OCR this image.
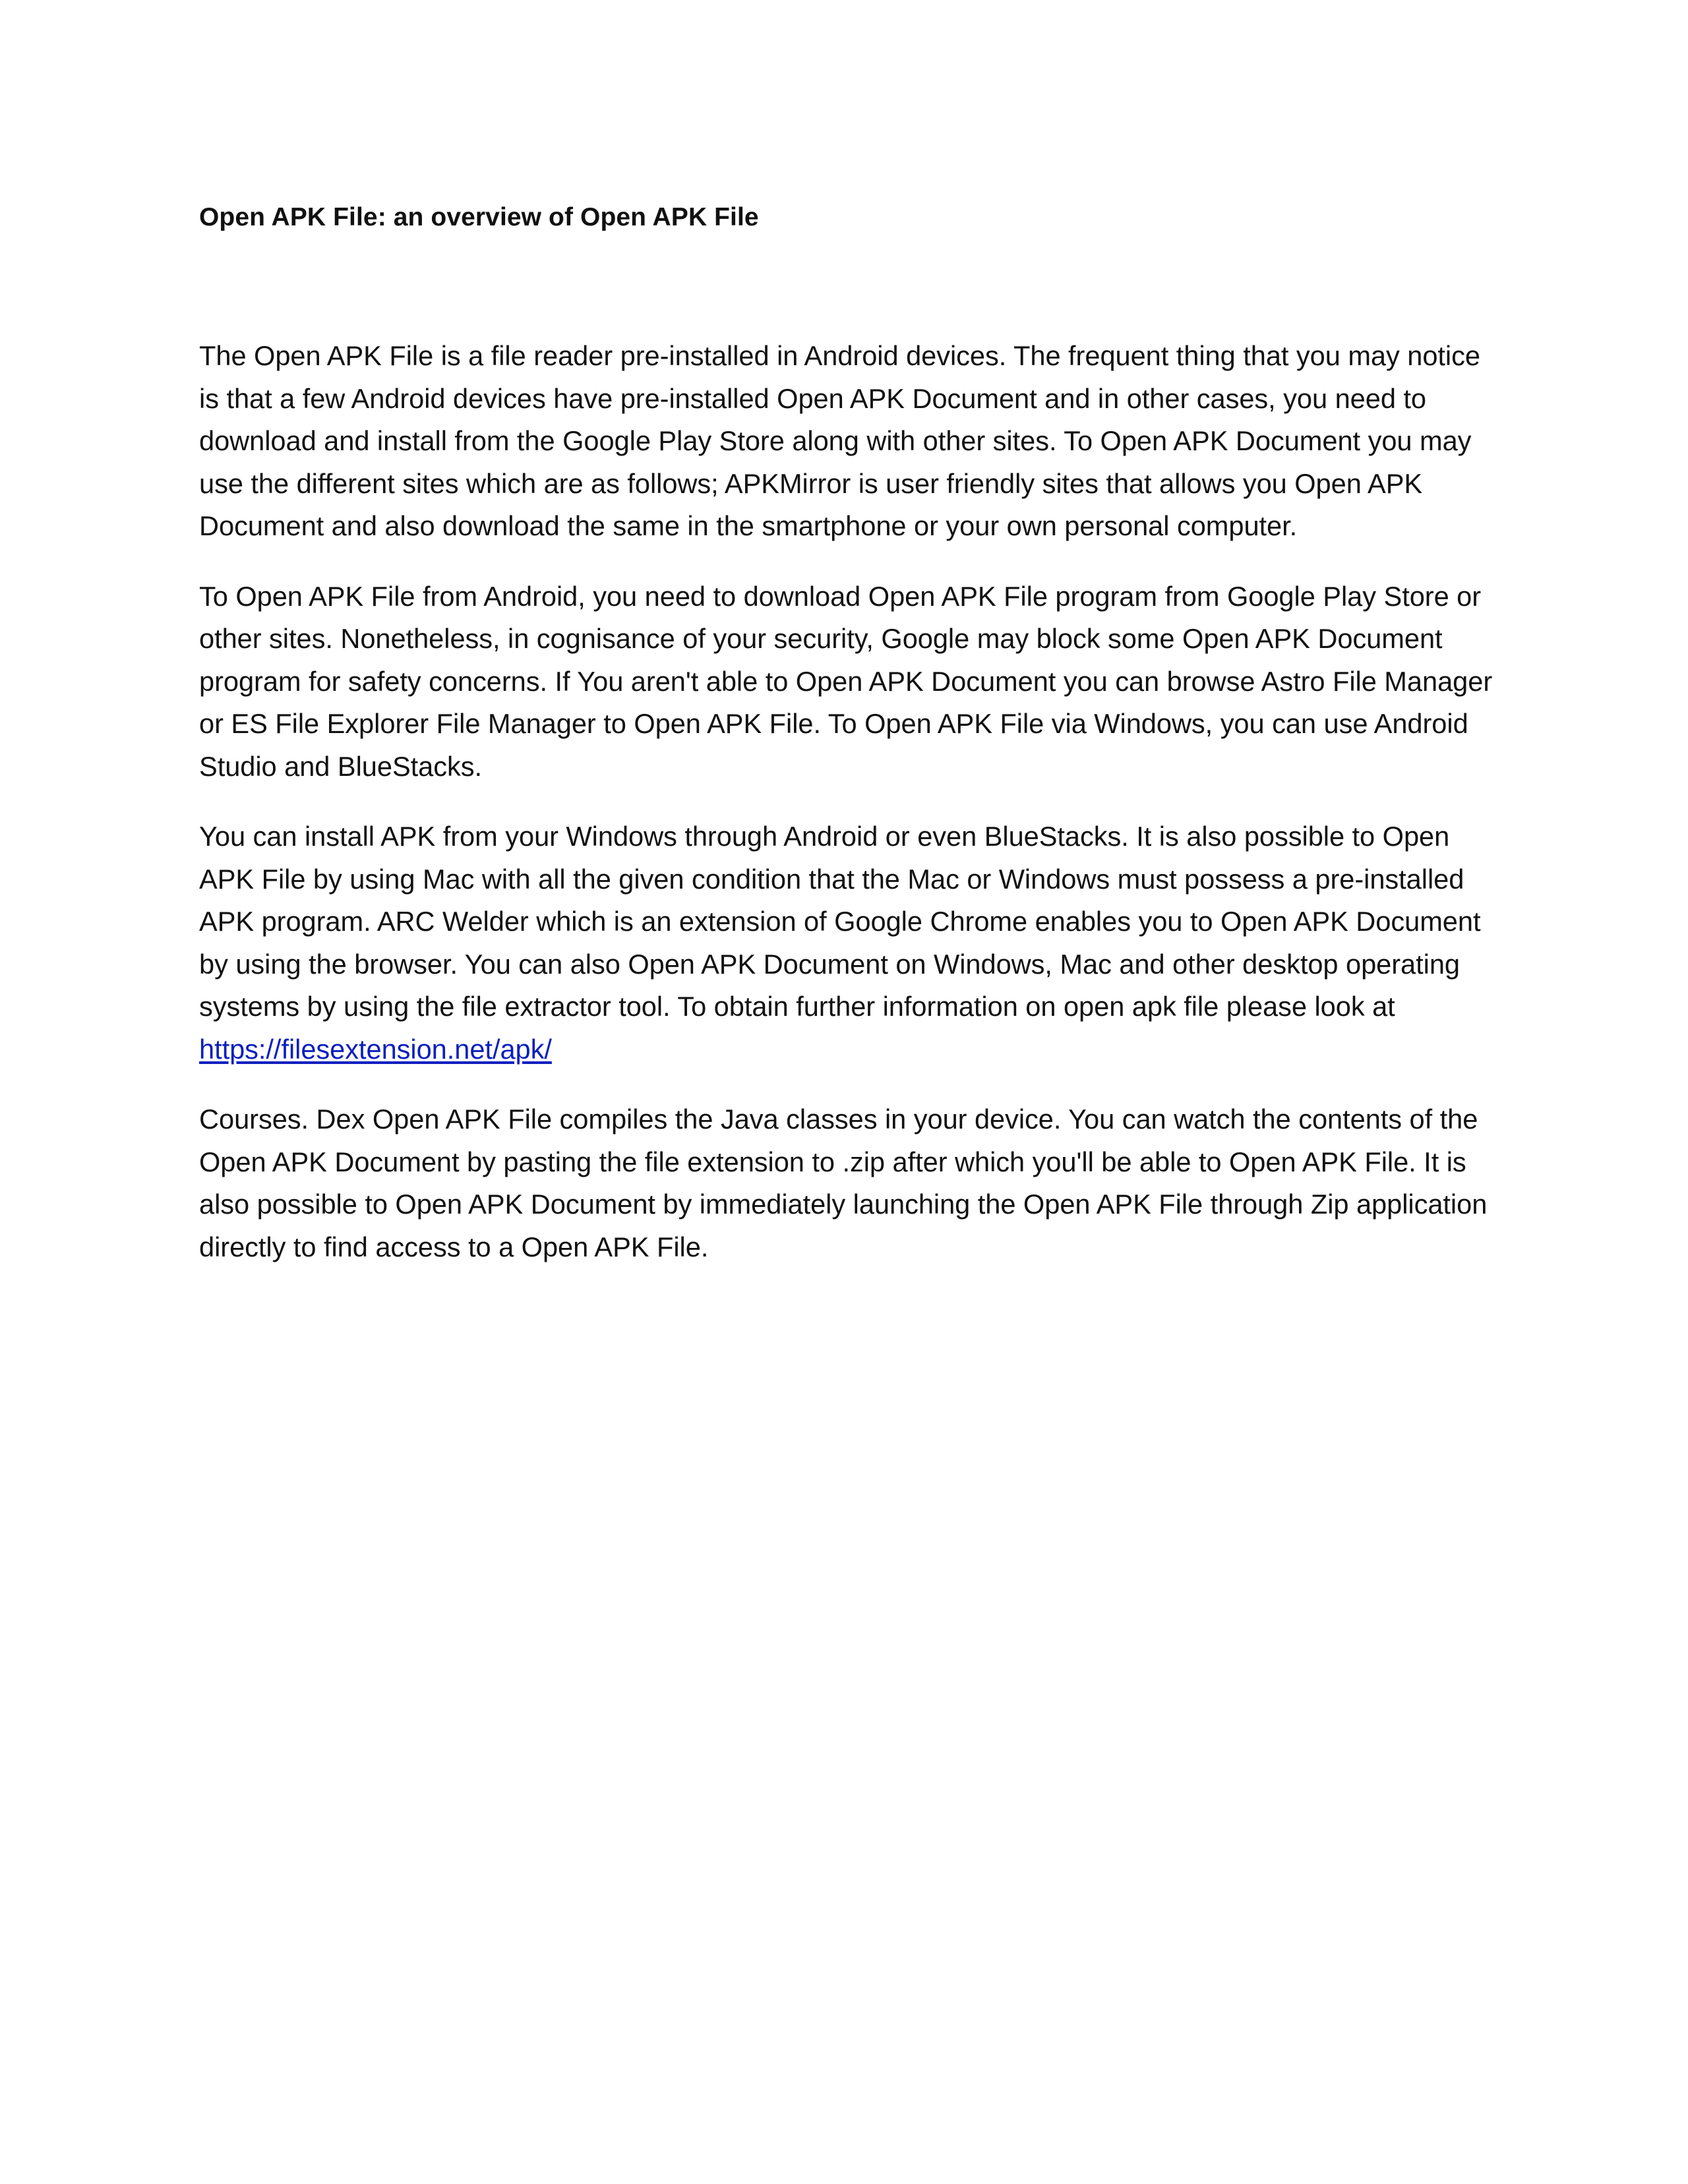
Open APK File: an overview of Open APK File

The Open APK File is a file reader pre-installed in Android devices. The frequent thing that you may notice is that a few Android devices have pre-installed Open APK Document and in other cases, you need to download and install from the Google Play Store along with other sites. To Open APK Document you may use the different sites which are as follows; APKMirror is user friendly sites that allows you Open APK Document and also download the same in the smartphone or your own personal computer.

To Open APK File from Android, you need to download Open APK File program from Google Play Store or other sites. Nonetheless, in cognisance of your security, Google may block some Open APK Document program for safety concerns. If You aren't able to Open APK Document you can browse Astro File Manager or ES File Explorer File Manager to Open APK File. To Open APK File via Windows, you can use Android Studio and BlueStacks.

You can install APK from your Windows through Android or even BlueStacks. It is also possible to Open APK File by using Mac with all the given condition that the Mac or Windows must possess a pre-installed APK program. ARC Welder which is an extension of Google Chrome enables you to Open APK Document by using the browser. You can also Open APK Document on Windows, Mac and other desktop operating systems by using the file extractor tool. To obtain further information on open apk file please look at
https://filesextension.net/apk/

Courses. Dex Open APK File compiles the Java classes in your device. You can watch the contents of the Open APK Document by pasting the file extension to .zip after which you'll be able to Open APK File. It is also possible to Open APK Document by immediately launching the Open APK File through Zip application directly to find access to a Open APK File.
